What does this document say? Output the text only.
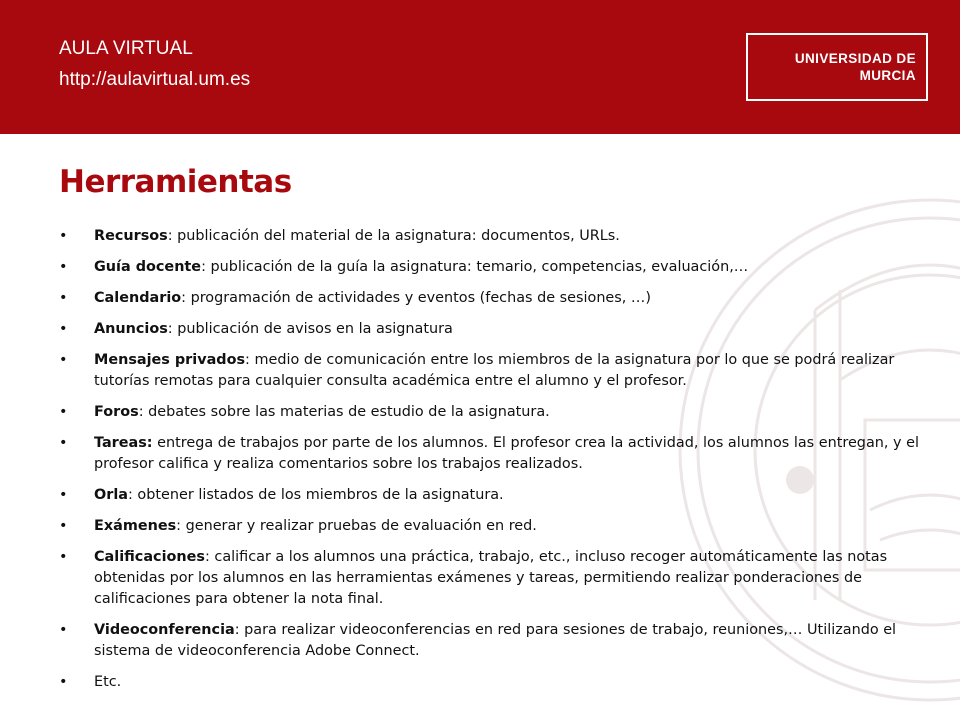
AULA VIRTUAL
http://aulavirtual.um.es
UNIVERSIDAD DE
MURCIA
Herramientas
• Recursos: publicación del material de la asignatura: documentos, URLs.
• Guía docente: publicación de la guía la asignatura: temario, competencias, evaluación,…
• Calendario: programación de actividades y eventos (fechas de sesiones, …)
• Anuncios: publicación de avisos en la asignatura
• Mensajes privados: medio de comunicación entre los miembros de la asignatura por lo que se podrá realizar tutorías remotas para cualquier consulta académica entre el alumno y el profesor.
• Foros: debates sobre las materias de estudio de la asignatura.
• Tareas: entrega de trabajos por parte de los alumnos. El profesor crea la actividad, los alumnos las entregan, y el profesor califica y realiza comentarios sobre los trabajos realizados.
• Orla: obtener listados de los miembros de la asignatura.
• Exámenes: generar y realizar pruebas de evaluación en red.
• Calificaciones: calificar a los alumnos una práctica, trabajo, etc., incluso recoger automáticamente las notas obtenidas por los alumnos en las herramientas exámenes y tareas, permitiendo realizar ponderaciones de calificaciones para obtener la nota final.
• Videoconferencia: para realizar videoconferencias en red para sesiones de trabajo, reuniones,… Utilizando el sistema de videoconferencia Adobe Connect.
• Etc.
